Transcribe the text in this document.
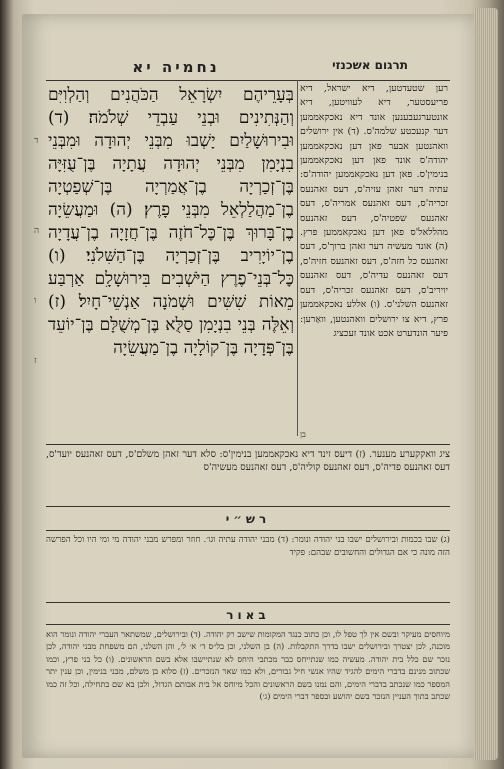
נחמיה יא	תרגום אשכנזי
ד
ה
ו
ז
בְּעָרֵיהֶם יִשְׂרָאֵל הַכֹּהֲנִים וְהַלְוִיִּם וְהַנְּתִינִים וּבְנֵי עַבְדֵי שְׁלֹמֹה׃ (ד) וּבִירוּשָׁלַיִם יָשְׁבוּ מִבְּנֵי יְהוּדָה וּמִבְּנֵי בִנְיָמִן מִבְּנֵי יְהוּדָה עֲתָיָה בֶּן־עֻזִּיָּה בֶּן־זְכַרְיָה בֶן־אֲמַרְיָה בֶּן־שְׁפַטְיָה בֶן־מַהֲלַלְאֵל מִבְּנֵי פָרֶץ׃ (ה) וּמַעֲשֵׂיָה בֶן־בָּרוּךְ בֶּן־כׇּל־חֹזֶה בֶּן־חֲזָיָה בֶן־עֲדָיָה בֶן־יוֹיָרִיב בֶּן־זְכַרְיָה בֶּן־הַשִּׁלֹנִי׃ (ו) כׇּל־בְּנֵי־פֶרֶץ הַיֹּשְׁבִים בִּירוּשָׁלָ͏ִם אַרְבַּע מֵאוֹת שִׁשִּׁים וּשְׁמֹנָה אַנְשֵׁי־חָיִל׃ (ז) וְאֵלֶּה בְּנֵי בִנְיָמִן סַלֻּא בֶּן־מְשֻׁלָּם בֶּן־יוֹעֵד בֶּן־פְּדָיָה בֶּן־קוֹלָיָה בֶן־מַעֲשֵׂיָה
רען שטעדטען, דיא ישראל, דיא פריעסטער, דיא לעוויטען, דיא אונטערגעבענען אונד דיא נאכקאממען דער קנעכטע שלמה'ס. (ד) אין ירושלים וואהנטען אבער פאן דען נאכקאממען יהודה'ס אונד פאן דען נאכקאממען בנימין'ס. פאן דען נאכקאממען יהודה'ס: עתיה דער זאהן עזיה'ס, דעס זאהנעס זכריה'ס, דעס זאהנעס אמריה'ס, דעס זאהנעס שפטיה'ס, דעס זאהנעס מהללאל'ס פאן דען נאכקאממען פרץ. (ה) אונד מעשיה דער זאהן ברוך'ס, דעס זאהנעס כל חזה'ס, דעס זאהנעס חזיה'ס, דעס זאהנעס עדיה'ס, דעס זאהנעס יויריב'ס, דעס זאהנעס זכריה'ס, דעס זאהנעס השלני'ס. (ו) אללע נאכקאממען פרץ, דיא צו ירושלים וואהנטען, וואַרען: פיער הונדערט אכט אונד זעכציג
בן
ציג וואקקערע מענער. (ז) דיעס זינד דיא נאכקאממען בנימין'ס: סלא דער זאהן משלם'ס, דעס זאהנעס יועד'ס, דעס זאהנעס פדיה'ס, דעס זאהנעס קוליה'ס, דעס זאהנעס מעשיה'ס
רש״י
(ג) שבו בכמות ובירושלים ישבו בני יהודה ונומר: (ד) מבני יהודה עתיה וגו׳. חוזר ומפרש מבני יהודה מי ומי היו וכל הפרשה הזה מונה כי אם הגדולים והחשובים שבהם: פקיד
באור
מיוחסים מעיקר ובשם אין לך טפל לו, וכן כתוב כנגד המקומות שישב רק יהודה. (ד) ובירושלים, שמשתאר העברי יהודה ונומר הוא מוכנה, לכן יצטרך ובירושלים ישבו בדרך התקבלות. (ה) בן השלני, וכן בל״ס ד׳ א׳ ל׳, והן השלני, הם משפחת מבני יהודה, לכן נזכר שם כלל בית יהודה. מעשיה כמו שנתייחס כבר מכתבי היחס לא שנתיישבו אלא בשם הראשונים. (ו) כל בני פרץ, וכמו שכתוב מנינם בדברי הימים להגיד שהיו אנשי חיל גבורים, ולא כמו שאר הנזכרים. (ז) סלוא בן משלם, מבני בנימין, וכן ענין יתר המספר כמו שנכתב בדברי הימים, והם נמנו בשם הראשונים והכל מיוחס אל בית אבותם הגדול, ולכן בא שם בתחילה, וכל זה כמו שכתב בתוך העניין הנזכר בשם יהושע ובספר דברי הימים (ג׳)
